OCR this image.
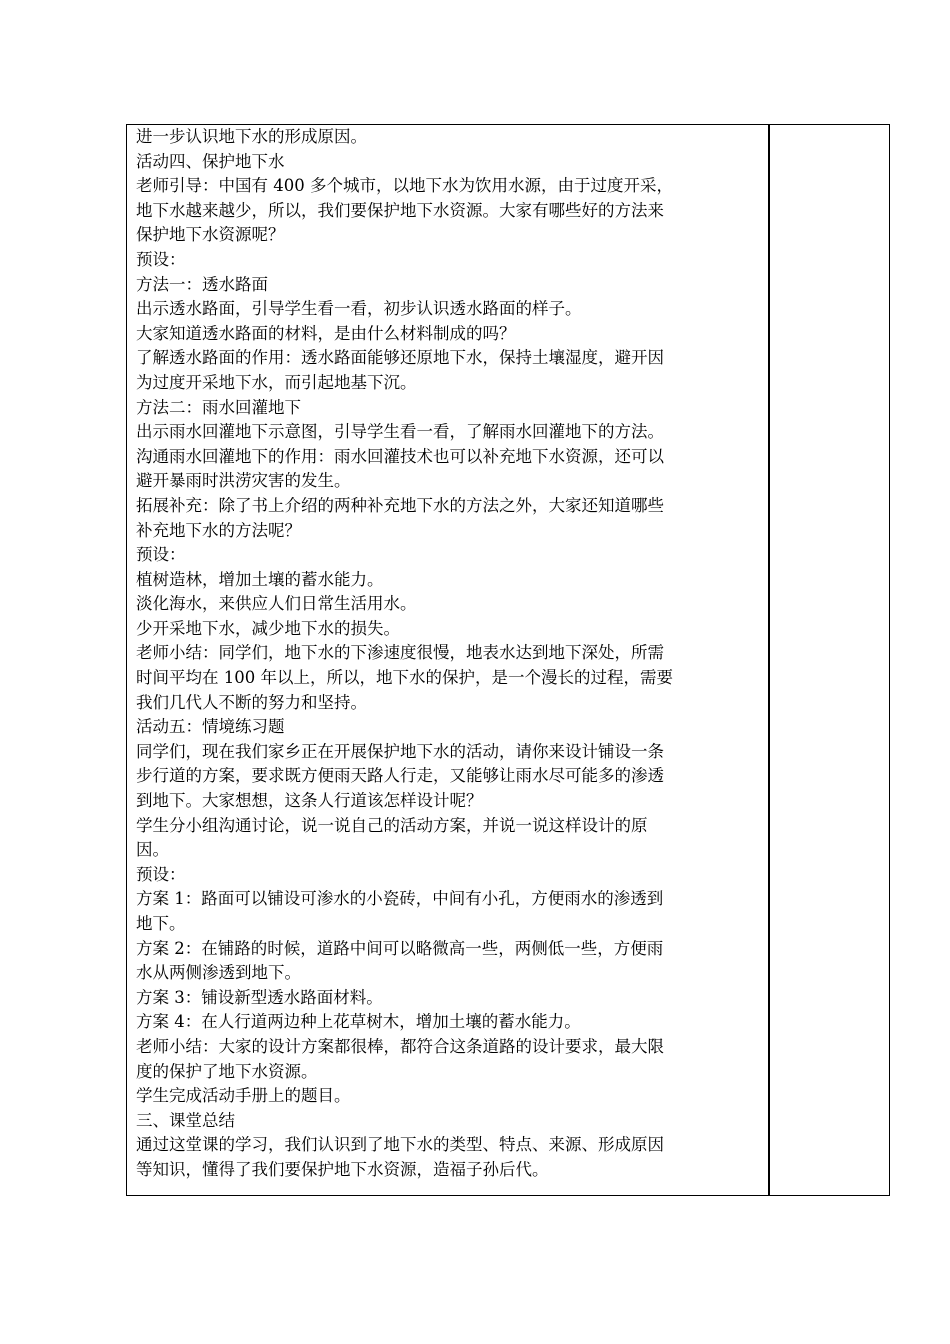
进一步认识地下水的形成原因。
活动四、保护地下水
老师引导：中国有 400 多个城市，以地下水为饮用水源，由于过度开采，
地下水越来越少，所以，我们要保护地下水资源。大家有哪些好的方法来
保护地下水资源呢？
预设：
方法一：透水路面
出示透水路面，引导学生看一看，初步认识透水路面的样子。
大家知道透水路面的材料，是由什么材料制成的吗？
了解透水路面的作用：透水路面能够还原地下水，保持土壤湿度，避开因
为过度开采地下水，而引起地基下沉。
方法二：雨水回灌地下
出示雨水回灌地下示意图，引导学生看一看，了解雨水回灌地下的方法。
沟通雨水回灌地下的作用：雨水回灌技术也可以补充地下水资源，还可以
避开暴雨时洪涝灾害的发生。
拓展补充：除了书上介绍的两种补充地下水的方法之外，大家还知道哪些
补充地下水的方法呢？
预设：
植树造林，增加土壤的蓄水能力。
淡化海水，来供应人们日常生活用水。
少开采地下水，减少地下水的损失。
老师小结：同学们，地下水的下渗速度很慢，地表水达到地下深处，所需
时间平均在 100 年以上，所以，地下水的保护，是一个漫长的过程，需要
我们几代人不断的努力和坚持。
活动五：情境练习题
同学们，现在我们家乡正在开展保护地下水的活动，请你来设计铺设一条
步行道的方案，要求既方便雨天路人行走，又能够让雨水尽可能多的渗透
到地下。大家想想，这条人行道该怎样设计呢？
学生分小组沟通讨论，说一说自己的活动方案，并说一说这样设计的原
因。
预设：
方案 1：路面可以铺设可渗水的小瓷砖，中间有小孔，方便雨水的渗透到
地下。
方案 2：在铺路的时候，道路中间可以略微高一些，两侧低一些，方便雨
水从两侧渗透到地下。
方案 3：铺设新型透水路面材料。
方案 4：在人行道两边种上花草树木，增加土壤的蓄水能力。
老师小结：大家的设计方案都很棒，都符合这条道路的设计要求，最大限
度的保护了地下水资源。
学生完成活动手册上的题目。
三、课堂总结
通过这堂课的学习，我们认识到了地下水的类型、特点、来源、形成原因
等知识，懂得了我们要保护地下水资源，造福子孙后代。
